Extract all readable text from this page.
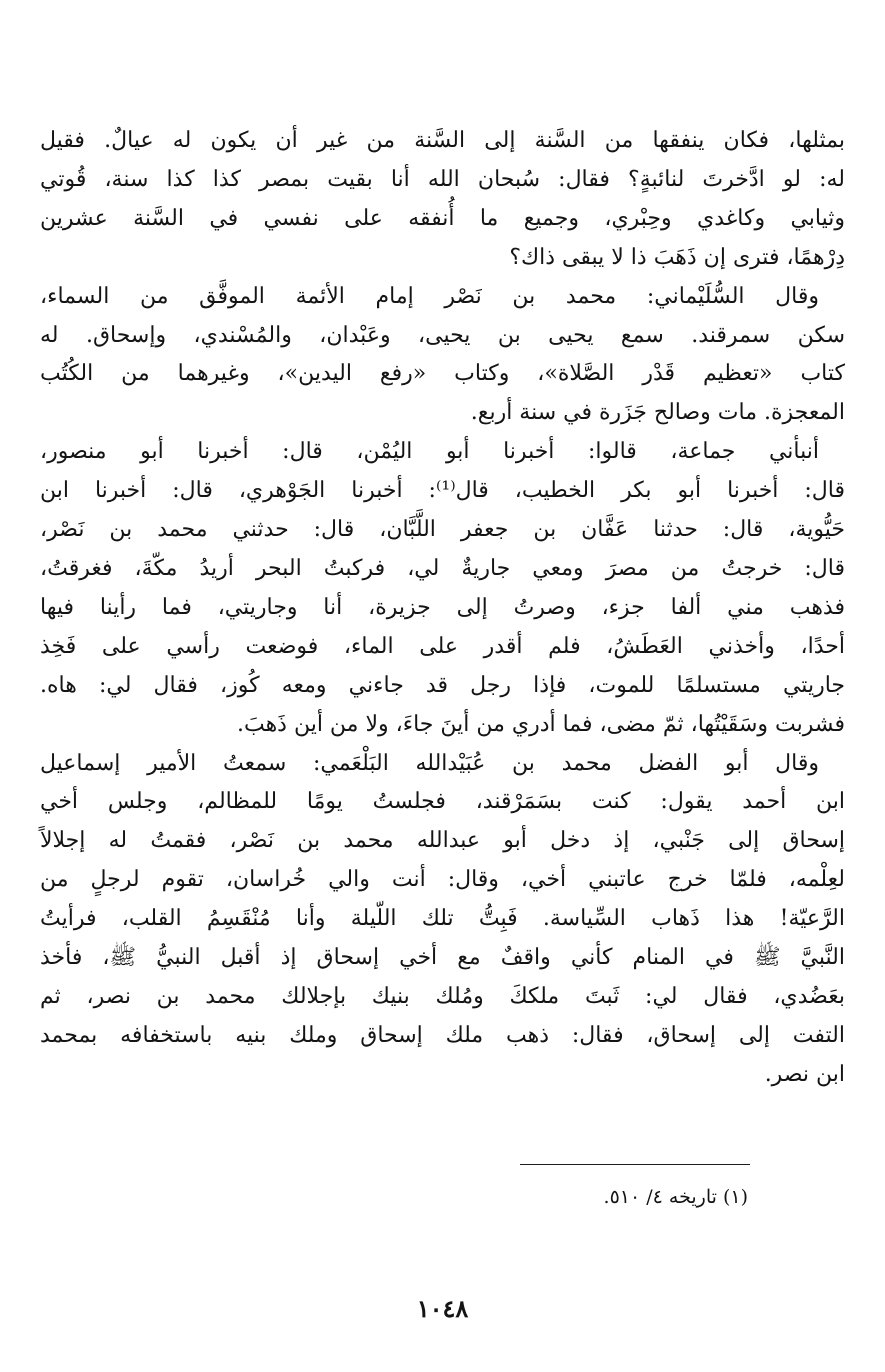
بمثلها، فكان ينفقها من السَّنة إلى السَّنة من غير أن يكون له عيالٌ. فقيل
له: لو ادَّخرتَ لنائبةٍ؟ فقال: سُبحان الله أنا بقيت بمصر كذا كذا سنة، قُوتي
وثيابي وكاغدي وحِبْري، وجميع ما أُنفقه على نفسي في السَّنة عشرين
دِرْهمًا، فترى إن ذَهَبَ ذا لا يبقى ذاك؟
وقال السُّلَيْماني: محمد بن نَصْر إمام الأئمة الموفَّق من السماء،
سكن سمرقند. سمع يحيى بن يحيى، وعَبْدان، والمُسْندي، وإسحاق. له
كتاب «تعظيم قَدْر الصَّلاة»، وكتاب «رفع اليدين»، وغيرهما من الكُتُب
المعجزة. مات وصالح جَزَرة في سنة أربع.
أنبأني جماعة، قالوا: أخبرنا أبو اليُمْن، قال: أخبرنا أبو منصور،
قال: أخبرنا أبو بكر الخطيب، قال⁽¹⁾: أخبرنا الجَوْهري، قال: أخبرنا ابن
حَيُّوية، قال: حدثنا عَفَّان بن جعفر اللَّبَّان، قال: حدثني محمد بن نَصْر،
قال: خرجتُ من مصرَ ومعي جاريةٌ لي، فركبتُ البحر أريدُ مكّةَ، فغرقتُ،
فذهب مني ألفا جزء، وصرتُ إلى جزيرة، أنا وجاريتي، فما رأينا فيها
أحدًا، وأخذني العَطَشُ، فلم أقدر على الماء، فوضعت رأسي على فَخِذ
جاريتي مستسلمًا للموت، فإذا رجل قد جاءني ومعه كُوز، فقال لي: هاه.
فشربت وسَقَيْتُها، ثمّ مضى، فما أدري من أينَ جاءَ، ولا من أين ذَهبَ.
وقال أبو الفضل محمد بن عُبَيْدالله البَلْعَمي: سمعتُ الأمير إسماعيل
ابن أحمد يقول: كنت بسَمَرْقند، فجلستُ يومًا للمظالم، وجلس أخي
إسحاق إلى جَنْبي، إذ دخل أبو عبدالله محمد بن نَصْر، فقمتُ له إجلالاً
لعِلْمه، فلمّا خرج عاتبني أخي، وقال: أنت والي خُراسان، تقوم لرجلٍ من
الرَّعيّة! هذا ذَهاب السِّياسة. فَبِتُّ تلك اللّيلة وأنا مُنْقَسِمُ القلب، فرأيتُ
النَّبيَّ ﷺ في المنام كأني واقفٌ مع أخي إسحاق إذ أقبل النبيُّ ﷺ، فأخذ
بعَضُدي، فقال لي: ثَبتَ ملككَ ومُلك بنيك بإجلالك محمد بن نصر، ثم
التفت إلى إسحاق، فقال: ذهب ملك إسحاق وملك بنيه باستخفافه بمحمد
ابن نصر.
(١) تاريخه ٤/ ٥١٠.
١٠٤٨
